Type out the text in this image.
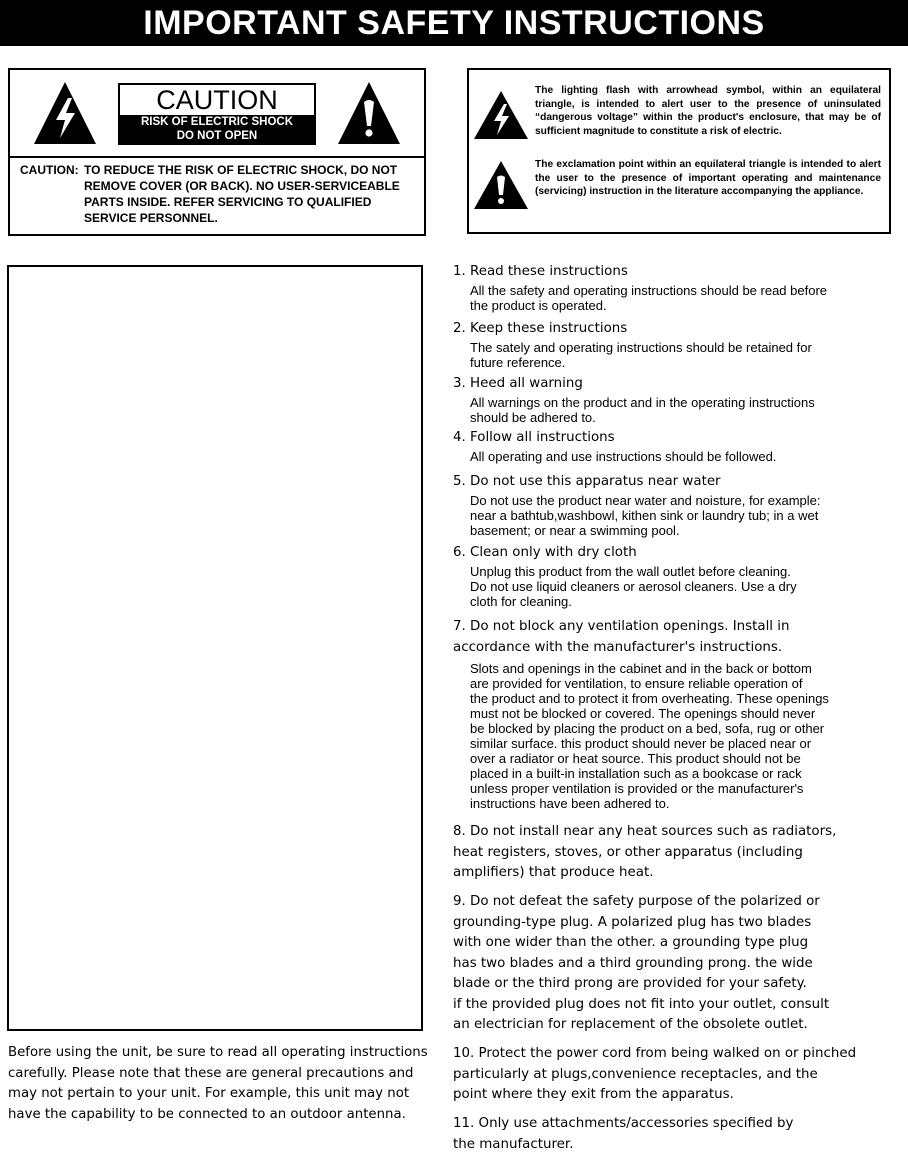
IMPORTANT SAFETY INSTRUCTIONS
CAUTION
RISK OF ELECTRIC SHOCK
DO NOT OPEN
CAUTION: TO REDUCE THE RISK OF ELECTRIC SHOCK, DO NOT REMOVE COVER (OR BACK). NO USER-SERVICEABLE PARTS INSIDE. REFER SERVICING TO QUALIFIED SERVICE PERSONNEL.
The lighting flash with arrowhead symbol, within an equilateral triangle, is intended to alert user to the presence of uninsulated “dangerous voltage” within the product's enclosure, that may be of sufficient magnitude to constitute a risk of electric.
The exclamation point within an equilateral triangle is intended to alert the user to the presence of important operating and maintenance (servicing) instruction in the literature accompanying the appliance.
Before using the unit, be sure to read all operating instructions carefully. Please note that these are general precautions and may not pertain to your unit. For example, this unit may not have the capability to be connected to an outdoor antenna.
1. Read these instructions
All the safety and operating instructions should be read before
the product is operated.
2. Keep these instructions
The sately and operating instructions should be retained for
future reference.
3. Heed all warning
All warnings on the product and in the operating instructions
should be adhered to.
4. Follow all instructions
All operating and use instructions should be followed.
5. Do not use this apparatus near water
Do not use the product near water and noisture, for example:
near a bathtub,washbowl, kithen sink or laundry tub; in a wet
basement; or near a swimming pool.
6. Clean only with dry cloth
Unplug this product from the wall outlet before cleaning.
Do not use liquid cleaners or aerosol cleaners. Use a dry
cloth for cleaning.
7. Do not block any ventilation openings. Install in
accordance with the manufacturer's instructions.
Slots and openings in the cabinet and in the back or bottom
are provided for ventilation, to ensure reliable operation of
the product and to protect it from overheating. These openings
must not be blocked or covered. The openings should never
be blocked by placing the product on a bed, sofa, rug or other
similar surface. this product should never be placed near or
over a radiator or heat source. This product should not be
placed in a built-in installation such as a bookcase or rack
unless proper ventilation is provided or the manufacturer's
instructions have been adhered to.
8. Do not install near any heat sources such as radiators,
heat registers, stoves, or other apparatus (including
amplifiers) that produce heat.
9. Do not defeat the safety purpose of the polarized or
grounding-type plug. A polarized plug has two blades
with one wider than the other. a grounding type plug
has two blades and a third grounding prong. the wide
blade or the third prong are provided for your safety.
if the provided plug does not fit into your outlet, consult
an electrician for replacement of the obsolete outlet.
10. Protect the power cord from being walked on or pinched
particularly at plugs,convenience receptacles, and the
point where they exit from the apparatus.
11. Only use attachments/accessories specified by
the manufacturer.
